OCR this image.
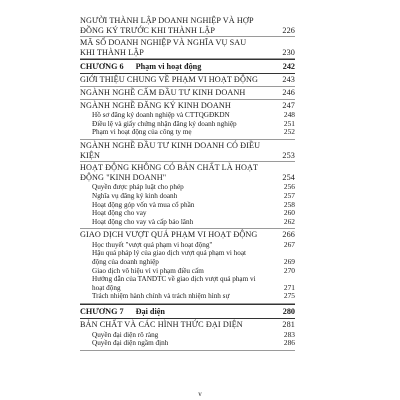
NGƯỜI THÀNH LẬP DOANH NGHIỆP VÀ HỢP ĐỒNG KÝ TRƯỚC KHI THÀNH LẬP	226
MÃ SỐ DOANH NGHIỆP VÀ NGHĨA VỤ SAU KHI THÀNH LẬP	230
CHƯƠNG 6 Phạm vi hoạt động	242
GIỚI THIỆU CHUNG VỀ PHẠM VI HOẠT ĐỘNG	243
NGÀNH NGHỀ CẤM ĐẦU TƯ KINH DOANH	246
NGÀNH NGHỀ ĐĂNG KÝ KINH DOANH	247
Hồ sơ đăng ký doanh nghiệp và CTTQGĐKDN	248
Điều lệ và giấy chứng nhận đăng ký doanh nghiệp	251
Phạm vi hoạt động của công ty mẹ	252
NGÀNH NGHỀ ĐẦU TƯ KINH DOANH CÓ ĐIỀU KIỆN	253
HOẠT ĐỘNG KHÔNG CÓ BẢN CHẤT LÀ HOẠT ĐỘNG "KINH DOANH"	254
Quyền được pháp luật cho phép	256
Nghĩa vụ đăng ký kinh doanh	257
Hoạt động góp vốn và mua cổ phần	258
Hoạt động cho vay	260
Hoạt động cho vay và cấp bảo lãnh	262
GIAO DỊCH VƯỢT QUÁ PHẠM VI HOẠT ĐỘNG	266
Học thuyết "vượt quá phạm vi hoạt động"	267
Hậu quả pháp lý của giao dịch vượt quá phạm vi hoạt động của doanh nghiệp	269
Giao dịch vô hiệu vì vi phạm điều cấm	270
Hướng dẫn của TANDTC về giao dịch vượt quá phạm vi hoạt động	271
Trách nhiệm hành chính và trách nhiệm hình sự	275
CHƯƠNG 7 Đại diện	280
BẢN CHẤT VÀ CÁC HÌNH THỨC ĐẠI DIỆN	281
Quyền đại diện rõ ràng	283
Quyền đại diện ngầm định	286
v
